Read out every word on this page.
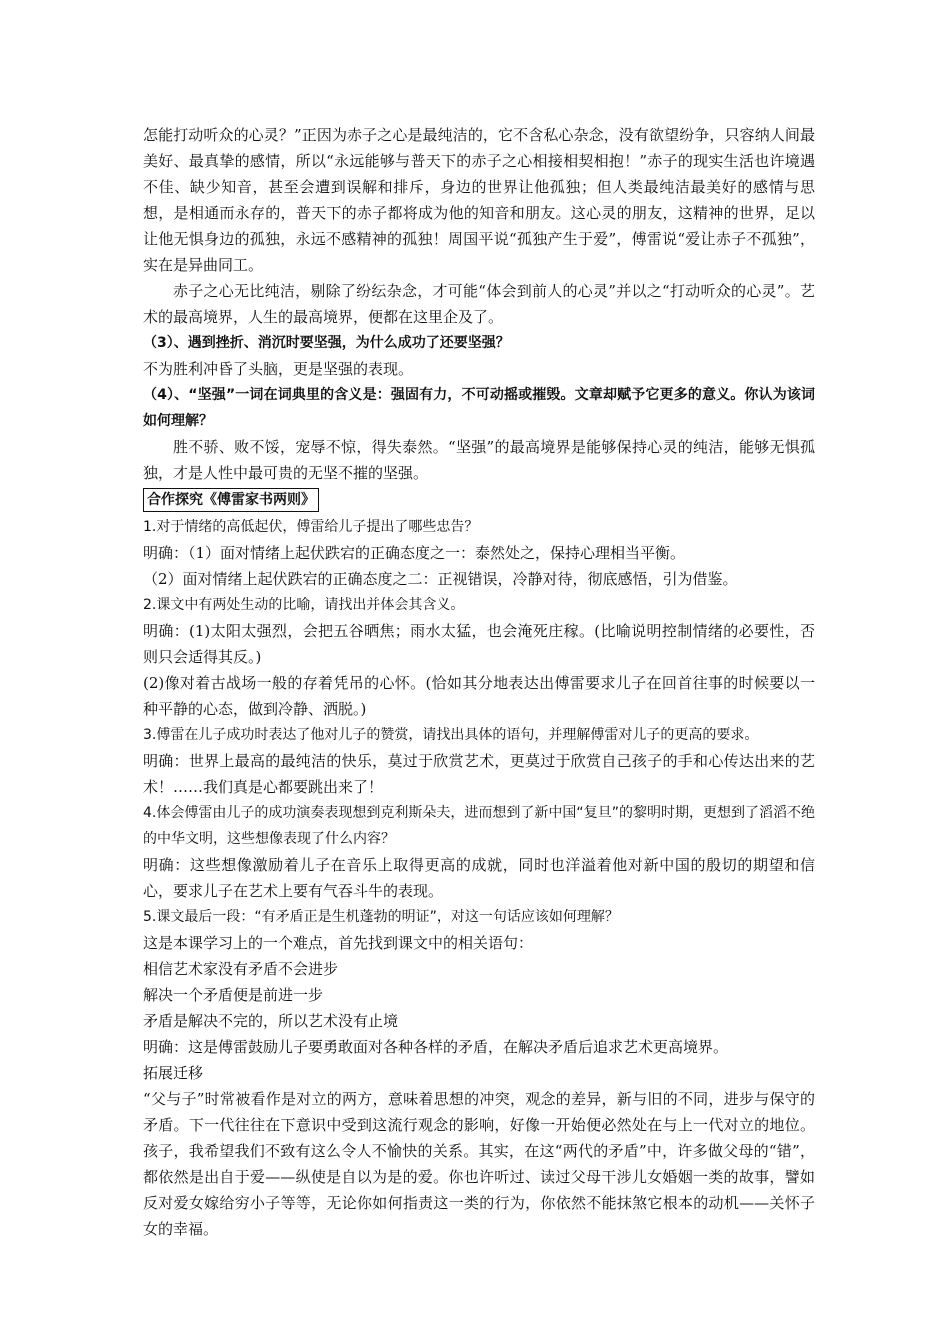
怎能打动听众的心灵？”正因为赤子之心是最纯洁的，它不含私心杂念，没有欲望纷争，只容纳人间最美好、最真挚的感情，所以“永远能够与普天下的赤子之心相接相契相抱！”赤子的现实生活也许境遇不佳、缺少知音，甚至会遭到误解和排斥，身边的世界让他孤独；但人类最纯洁最美好的感情与思想，是相通而永存的，普天下的赤子都将成为他的知音和朋友。这心灵的朋友，这精神的世界，足以让他无惧身边的孤独，永远不感精神的孤独！周国平说“孤独产生于爱”，傅雷说“爱让赤子不孤独”，实在是异曲同工。

赤子之心无比纯洁，剔除了纷纭杂念，才可能“体会到前人的心灵”并以之“打动听众的心灵”。艺术的最高境界，人生的最高境界，便都在这里企及了。

（3）、遇到挫折、消沉时要坚强，为什么成功了还要坚强？

不为胜利冲昏了头脑，更是坚强的表现。

（4）、“坚强”一词在词典里的含义是：强固有力，不可动摇或摧毁。文章却赋予它更多的意义。你认为该词如何理解？

胜不骄、败不馁，宠辱不惊，得失泰然。“坚强”的最高境界是能够保持心灵的纯洁，能够无惧孤独，才是人性中最可贵的无坚不摧的坚强。

合作探究《傅雷家书两则》

1.对于情绪的高低起伏，傅雷给儿子提出了哪些忠告？

明确：（1）面对情绪上起伏跌宕的正确态度之一：泰然处之，保持心理相当平衡。

（2）面对情绪上起伏跌宕的正确态度之二：正视错误，冷静对待，彻底感悟，引为借鉴。

2.课文中有两处生动的比喻，请找出并体会其含义。

明确：(1)太阳太强烈，会把五谷晒焦；雨水太猛，也会淹死庄稼。(比喻说明控制情绪的必要性，否则只会适得其反。)

(2)像对着古战场一般的存着凭吊的心怀。(恰如其分地表达出傅雷要求儿子在回首往事的时候要以一种平静的心态，做到冷静、洒脱。)

3.傅雷在儿子成功时表达了他对儿子的赞赏，请找出具体的语句，并理解傅雷对儿子的更高的要求。

明确：世界上最高的最纯洁的快乐，莫过于欣赏艺术，更莫过于欣赏自己孩子的手和心传达出来的艺术！……我们真是心都要跳出来了！

4.体会傅雷由儿子的成功演奏表现想到克利斯朵夫，进而想到了新中国“复旦”的黎明时期，更想到了滔滔不绝的中华文明，这些想像表现了什么内容？

明确：这些想像激励着儿子在音乐上取得更高的成就，同时也洋溢着他对新中国的殷切的期望和信心，要求儿子在艺术上要有气吞斗牛的表现。

5.课文最后一段：“有矛盾正是生机蓬勃的明证”，对这一句话应该如何理解？

这是本课学习上的一个难点，首先找到课文中的相关语句：

相信艺术家没有矛盾不会进步

解决一个矛盾便是前进一步

矛盾是解决不完的，所以艺术没有止境

明确：这是傅雷鼓励儿子要勇敢面对各种各样的矛盾，在解决矛盾后追求艺术更高境界。

拓展迁移

“父与子”时常被看作是对立的两方，意味着思想的冲突，观念的差异，新与旧的不同，进步与保守的矛盾。下一代往往在下意识中受到这流行观念的影响，好像一开始便必然处在与上一代对立的地位。孩子，我希望我们不致有这么令人不愉快的关系。其实，在这“两代的矛盾”中，许多做父母的“错”，都依然是出自于爱——纵使是自以为是的爱。你也许听过、读过父母干涉儿女婚姻一类的故事，譬如反对爱女嫁给穷小子等等，无论你如何指责这一类的行为，你依然不能抹煞它根本的动机——关怀子女的幸福。
